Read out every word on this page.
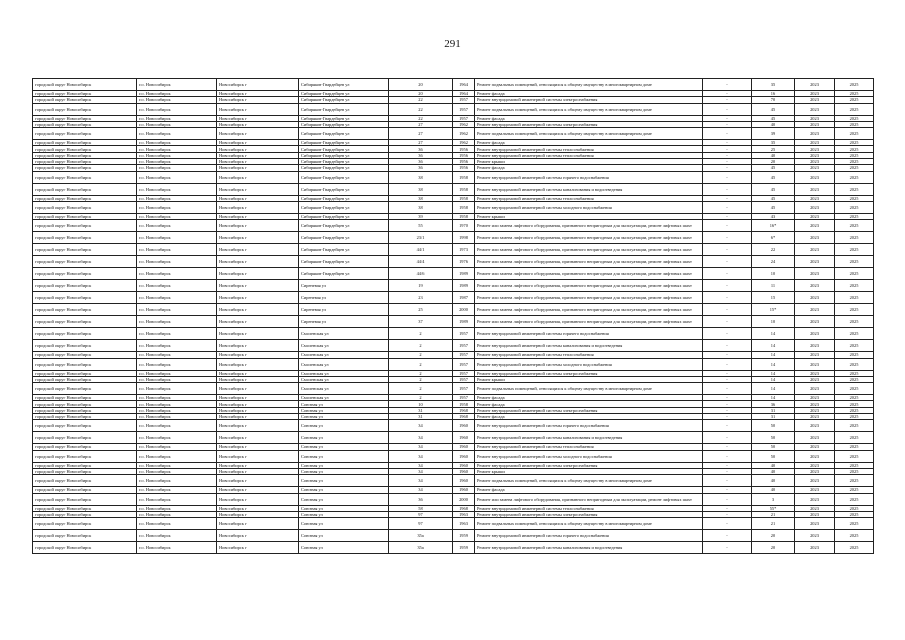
291
городской округ Новосибирск	г.о. Новосибирск	Новосибирск г	Сибиряков-Гвардейцев ул	20	1964	Ремонт подвальных помещений, относящихся к общему имуществу в многоквартирном доме	-	35	2023	2025
городской округ Новосибирск	г.о. Новосибирск	Новосибирск г	Сибиряков-Гвардейцев ул	20	1964	Ремонт фасада	-	16	2023	2025
городской округ Новосибирск	г.о. Новосибирск	Новосибирск г	Сибиряков-Гвардейцев ул	22	1957	Ремонт внутридомовой инженерной системы электроснабжения	-	70	2023	2025
городской округ Новосибирск	г.о. Новосибирск	Новосибирск г	Сибиряков-Гвардейцев ул	22	1957	Ремонт подвальных помещений, относящихся к общему имуществу в многоквартирном доме	-	45	2023	2025
городской округ Новосибирск	г.о. Новосибирск	Новосибирск г	Сибиряков-Гвардейцев ул	22	1957	Ремонт фасада	-	45	2023	2025
городской округ Новосибирск	г.о. Новосибирск	Новосибирск г	Сибиряков-Гвардейцев ул	27	1962	Ремонт внутридомовой инженерной системы электроснабжения	-	40	2023	2025
городской округ Новосибирск	г.о. Новосибирск	Новосибирск г	Сибиряков-Гвардейцев ул	27	1962	Ремонт подвальных помещений, относящихся к общему имуществу в многоквартирном доме	-	39	2023	2025
городской округ Новосибирск	г.о. Новосибирск	Новосибирск г	Сибиряков-Гвардейцев ул	27	1962	Ремонт фасада	-	35	2023	2025
городской округ Новосибирск	г.о. Новосибирск	Новосибирск г	Сибиряков-Гвардейцев ул	36	1956	Ремонт внутридомовой инженерной системы теплоснабжения	-	25	2023	2025
городской округ Новосибирск	г.о. Новосибирск	Новосибирск г	Сибиряков-Гвардейцев ул	36	1956	Ремонт внутридомовой инженерной системы теплоснабжения	-	40	2023	2025
городской округ Новосибирск	г.о. Новосибирск	Новосибирск г	Сибиряков-Гвардейцев ул	36	1956	Ремонт крыши	-	20	2023	2025
городской округ Новосибирск	г.о. Новосибирск	Новосибирск г	Сибиряков-Гвардейцев ул	36	1956	Ремонт фасада	-	45	2023	2025
городской округ Новосибирск	г.о. Новосибирск	Новосибирск г	Сибиряков-Гвардейцев ул	38	1958	Ремонт внутридомовой инженерной системы горячего водоснабжения	-	45	2023	2025
городской округ Новосибирск	г.о. Новосибирск	Новосибирск г	Сибиряков-Гвардейцев ул	38	1958	Ремонт внутридомовой инженерной системы канализования и водоотведения	-	45	2023	2025
городской округ Новосибирск	г.о. Новосибирск	Новосибирск г	Сибиряков-Гвардейцев ул	38	1958	Ремонт внутридомовой инженерной системы теплоснабжения	-	45	2023	2025
городской округ Новосибирск	г.о. Новосибирск	Новосибирск г	Сибиряков-Гвардейцев ул	38	1958	Ремонт внутридомовой инженерной системы холодного водоснабжения	-	45	2023	2025
городской округ Новосибирск	г.о. Новосибирск	Новосибирск г	Сибиряков-Гвардейцев ул	39	1958	Ремонт крыши	-	43	2023	2025
городской округ Новосибирск	г.о. Новосибирск	Новосибирск г	Сибиряков-Гвардейцев ул	55	1970	Ремонт или замена лифтового оборудования, признанного непригодным для эксплуатации, ремонт лифтовых шахт	-	16*	2023	2025
городской округ Новосибирск	г.о. Новосибирск	Новосибирск г	Сибиряков-Гвардейцев ул	23/1	1998	Ремонт или замена лифтового оборудования, признанного непригодным для эксплуатации, ремонт лифтовых шахт	-	6*	2023	2025
городской округ Новосибирск	г.о. Новосибирск	Новосибирск г	Сибиряков-Гвардейцев ул	44/1	1973	Ремонт или замена лифтового оборудования, признанного непригодным для эксплуатации, ремонт лифтовых шахт	-	22	2023	2025
городской округ Новосибирск	г.о. Новосибирск	Новосибирск г	Сибиряков-Гвардейцев ул	44/4	1976	Ремонт или замена лифтового оборудования, признанного непригодным для эксплуатации, ремонт лифтовых шахт	-	24	2023	2025
городской округ Новосибирск	г.о. Новосибирск	Новосибирск г	Сибиряков-Гвардейцев ул	44/6	1989	Ремонт или замена лифтового оборудования, признанного непригодным для эксплуатации, ремонт лифтовых шахт	-	10	2023	2025
городской округ Новосибирск	г.о. Новосибирск	Новосибирск г	Сиреневая ул	19	1989	Ремонт или замена лифтового оборудования, признанного непригодным для эксплуатации, ремонт лифтовых шахт	-	11	2023	2025
городской округ Новосибирск	г.о. Новосибирск	Новосибирск г	Сиреневая ул	23	1987	Ремонт или замена лифтового оборудования, признанного непригодным для эксплуатации, ремонт лифтовых шахт	-	15	2023	2025
городской округ Новосибирск	г.о. Новосибирск	Новосибирск г	Сиреневая ул	25	2000	Ремонт или замена лифтового оборудования, признанного непригодным для эксплуатации, ремонт лифтовых шахт	-	15*	2023	2025
городской округ Новосибирск	г.о. Новосибирск	Новосибирск г	Сиреневая ул	37	1989	Ремонт или замена лифтового оборудования, признанного непригодным для эксплуатации, ремонт лифтовых шахт	-	10	2023	2025
городской округ Новосибирск	г.о. Новосибирск	Новосибирск г	Смоленская ул	2	1957	Ремонт внутридомовой инженерной системы горячего водоснабжения	-	14	2023	2025
городской округ Новосибирск	г.о. Новосибирск	Новосибирск г	Смоленская ул	2	1957	Ремонт внутридомовой инженерной системы канализования и водоотведения	-	14	2023	2025
городской округ Новосибирск	г.о. Новосибирск	Новосибирск г	Смоленская ул	2	1957	Ремонт внутридомовой инженерной системы теплоснабжения	-	14	2023	2025
городской округ Новосибирск	г.о. Новосибирск	Новосибирск г	Смоленская ул	2	1957	Ремонт внутридомовой инженерной системы холодного водоснабжения	-	14	2023	2025
городской округ Новосибирск	г.о. Новосибирск	Новосибирск г	Смоленская ул	2	1957	Ремонт внутридомовой инженерной системы электроснабжения	-	14	2023	2025
городской округ Новосибирск	г.о. Новосибирск	Новосибирск г	Смоленская ул	2	1957	Ремонт крыши	-	14	2023	2025
городской округ Новосибирск	г.о. Новосибирск	Новосибирск г	Смоленская ул	2	1957	Ремонт подвальных помещений, относящихся к общему имуществу в многоквартирном доме	-	14	2023	2025
городской округ Новосибирск	г.о. Новосибирск	Новосибирск г	Смоленская ул	2	1957	Ремонт фасада	-	14	2023	2025
городской округ Новосибирск	г.о. Новосибирск	Новосибирск г	Союзная ул	10	1958	Ремонт фасада	-	36	2023	2025
городской округ Новосибирск	г.о. Новосибирск	Новосибирск г	Союзная ул	31	1968	Ремонт внутридомовой инженерной системы электроснабжения	-	31	2023	2025
городской округ Новосибирск	г.о. Новосибирск	Новосибирск г	Союзная ул	31	1968	Ремонт фасада	-	31	2023	2025
городской округ Новосибирск	г.о. Новосибирск	Новосибирск г	Союзная ул	34	1960	Ремонт внутридомовой инженерной системы горячего водоснабжения	-	50	2023	2025
городской округ Новосибирск	г.о. Новосибирск	Новосибирск г	Союзная ул	34	1960	Ремонт внутридомовой инженерной системы канализования и водоотведения	-	50	2023	2025
городской округ Новосибирск	г.о. Новосибирск	Новосибирск г	Союзная ул	34	1960	Ремонт внутридомовой инженерной системы теплоснабжения	-	50	2023	2025
городской округ Новосибирск	г.о. Новосибирск	Новосибирск г	Союзная ул	34	1960	Ремонт внутридомовой инженерной системы холодного водоснабжения	-	50	2023	2025
городской округ Новосибирск	г.о. Новосибирск	Новосибирск г	Союзная ул	34	1960	Ремонт внутридомовой инженерной системы электроснабжения	-	40	2023	2025
городской округ Новосибирск	г.о. Новосибирск	Новосибирск г	Союзная ул	34	1960	Ремонт крыши	-	40	2023	2025
городской округ Новосибирск	г.о. Новосибирск	Новосибирск г	Союзная ул	34	1960	Ремонт подвальных помещений, относящихся к общему имуществу в многоквартирном доме	-	40	2023	2025
городской округ Новосибирск	г.о. Новосибирск	Новосибирск г	Союзная ул	34	1960	Ремонт фасада	-	40	2023	2025
городской округ Новосибирск	г.о. Новосибирск	Новосибирск г	Союзная ул	36	2000	Ремонт или замена лифтового оборудования, признанного непригодным для эксплуатации, ремонт лифтовых шахт	-	3	2023	2025
городской округ Новосибирск	г.о. Новосибирск	Новосибирск г	Союзная ул	58	1968	Ремонт внутридомовой инженерной системы теплоснабжения	-	55*	2023	2025
городской округ Новосибирск	г.о. Новосибирск	Новосибирск г	Союзная ул	97	1963	Ремонт внутридомовой инженерной системы электроснабжения	-	21	2023	2025
городской округ Новосибирск	г.о. Новосибирск	Новосибирск г	Союзная ул	97	1963	Ремонт подвальных помещений, относящихся к общему имуществу в многоквартирном доме	-	21	2023	2025
городской округ Новосибирск	г.о. Новосибирск	Новосибирск г	Союзная ул	35a	1959	Ремонт внутридомовой инженерной системы горячего водоснабжения	-	20	2023	2025
городской округ Новосибирск	г.о. Новосибирск	Новосибирск г	Союзная ул	35a	1959	Ремонт внутридомовой инженерной системы канализования и водоотведения	-	20	2023	2025
